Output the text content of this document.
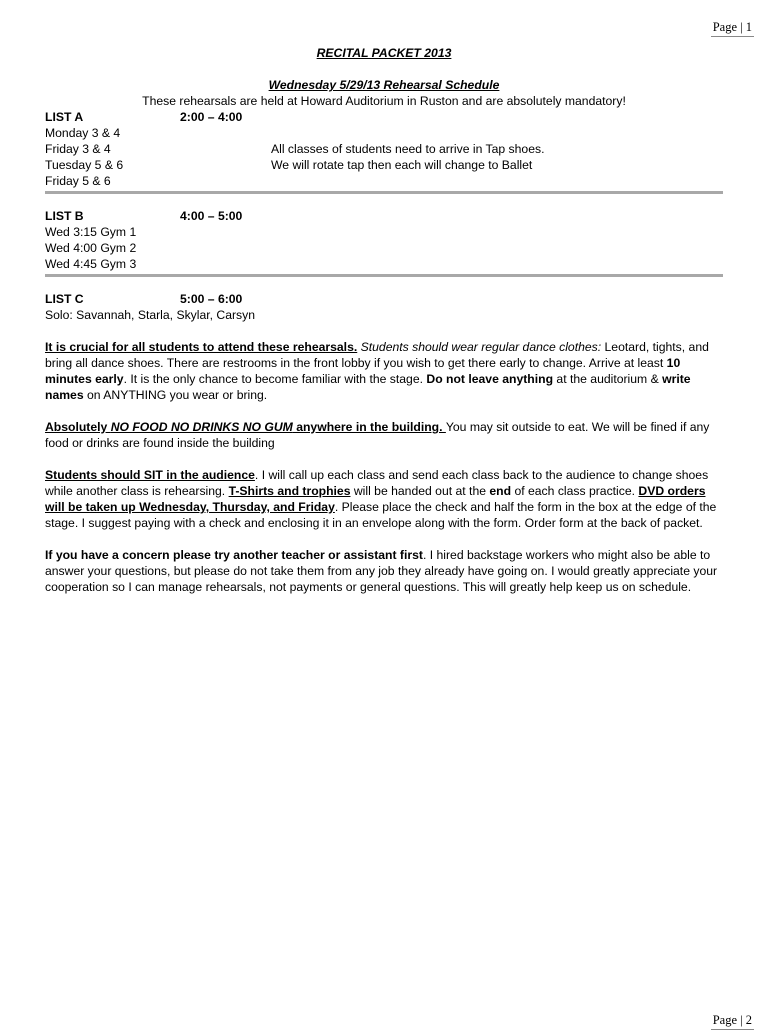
Page | 1
RECITAL PACKET 2013
Wednesday 5/29/13 Rehearsal Schedule
These rehearsals are held at Howard Auditorium in Ruston and are absolutely mandatory!
LIST A	2:00 – 4:00
Monday 3 & 4
Friday 3 & 4	All classes of students need to arrive in Tap shoes.
Tuesday 5 & 6	We will rotate tap then each will change to Ballet
Friday 5 & 6
LIST B	4:00 – 5:00
Wed 3:15 Gym 1
Wed 4:00 Gym 2
Wed 4:45 Gym 3
LIST C	5:00 – 6:00
Solo: Savannah, Starla, Skylar, Carsyn

It is crucial for all students to attend these rehearsals. Students should wear regular dance clothes: Leotard, tights, and bring all dance shoes. There are restrooms in the front lobby if you wish to get there early to change. Arrive at least 10 minutes early. It is the only chance to become familiar with the stage. Do not leave anything at the auditorium & write names on ANYTHING you wear or bring.

Absolutely NO FOOD NO DRINKS NO GUM anywhere in the building. You may sit outside to eat. We will be fined if any food or drinks are found inside the building

Students should SIT in the audience. I will call up each class and send each class back to the audience to change shoes while another class is rehearsing. T-Shirts and trophies will be handed out at the end of each class practice. DVD orders will be taken up Wednesday, Thursday, and Friday. Please place the check and half the form in the box at the edge of the stage. I suggest paying with a check and enclosing it in an envelope along with the form. Order form at the back of packet.

If you have a concern please try another teacher or assistant first. I hired backstage workers who might also be able to answer your questions, but please do not take them from any job they already have going on. I would greatly appreciate your cooperation so I can manage rehearsals, not payments or general questions. This will greatly help keep us on schedule.

Page | 2
